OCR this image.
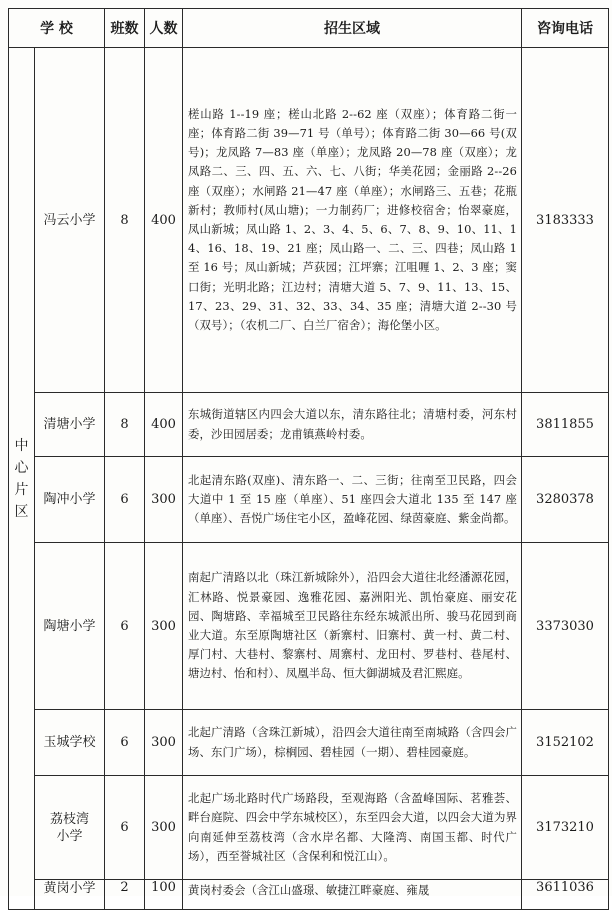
学 校		班数	人数	招生区域	咨询电话
中心片区	冯云小学	8	400	槎山路 1--19 座；槎山北路 2--62 座（双座）；体育路二街一座；体育路二街 39—71 号（单号）；体育路二街 30—66 号(双号)；龙凤路 7—83 座（单座）；龙凤路 20—78 座（双座）；龙凤路二、三、四、五、六、七、八街；华美花园；金丽路 2--26 座（双座）；水闸路 21—47 座（单座）；水闸路三、五巷；花瓶新村；教师村(凤山塘)；一力制药厂；进修校宿舍；怡翠豪庭，凤山新城；凤山路 1、2、3、4、5、6、7、8、9、10、11、14、16、18、19、21 座；凤山路一、二、三、四巷；凤山路 1 至 16 号；凤山新城；芦荻园；江坪寨；江咀喱 1、2、3 座；窦口街；光明北路；江边村；清塘大道 5、7、9、11、13、15、17、23、29、31、32、33、34、35 座；清塘大道 2--30 号（双号）；（农机二厂、白兰厂宿舍）；海伦堡小区。	3183333
	清塘小学	8	400	东城街道辖区内四会大道以东，清东路往北；清塘村委，河东村委，沙田园居委；龙甫镇燕岭村委。	3811855
	陶冲小学	6	300	北起清东路(双座)、清东路一、二、三街；往南至卫民路，四会大道中 1 至 15 座（单座）、51 座四会大道北 135 至 147 座（单座）、吾悦广场住宅小区，盈峰花园、绿茵豪庭、紫金尚都。	3280378
	陶塘小学	6	300	南起广清路以北（珠江新城除外），沿四会大道往北经潘源花园，汇林路、悦景豪园、逸雅花园、嘉洲阳光、凯怡豪庭、丽安花园、陶塘路、幸福城至卫民路往东经东城派出所、骏马花园到商业大道。东至原陶塘社区（新寨村、旧寨村、黄一村、黄二村、厚门村、大巷村、黎寨村、周寨村、龙田村、罗巷村、巷尾村、塘边村、怡和村）、凤凰半岛、恒大御湖城及君汇熙庭。	3373030
	玉城学校	6	300	北起广清路（含珠江新城），沿四会大道往南至南城路（含四会广场、东门广场），棕榈园、碧桂园（一期）、碧桂园豪庭。	3152102
	荔枝湾小学	6	300	北起广场北路时代广场路段，至观海路（含盈峰国际、茗雅荟、畔台庭院、四会中学东城校区），东至四会大道，以四会大道为界向南延伸至荔枝湾（含水岸名都、大隆湾、南国玉都、时代广场），西至誉城社区（含保利和悦江山）。	3173210
	黄岗小学	2	100	黄岗村委会（含江山盛璟、敏捷江畔豪庭、雍晟	3611036
